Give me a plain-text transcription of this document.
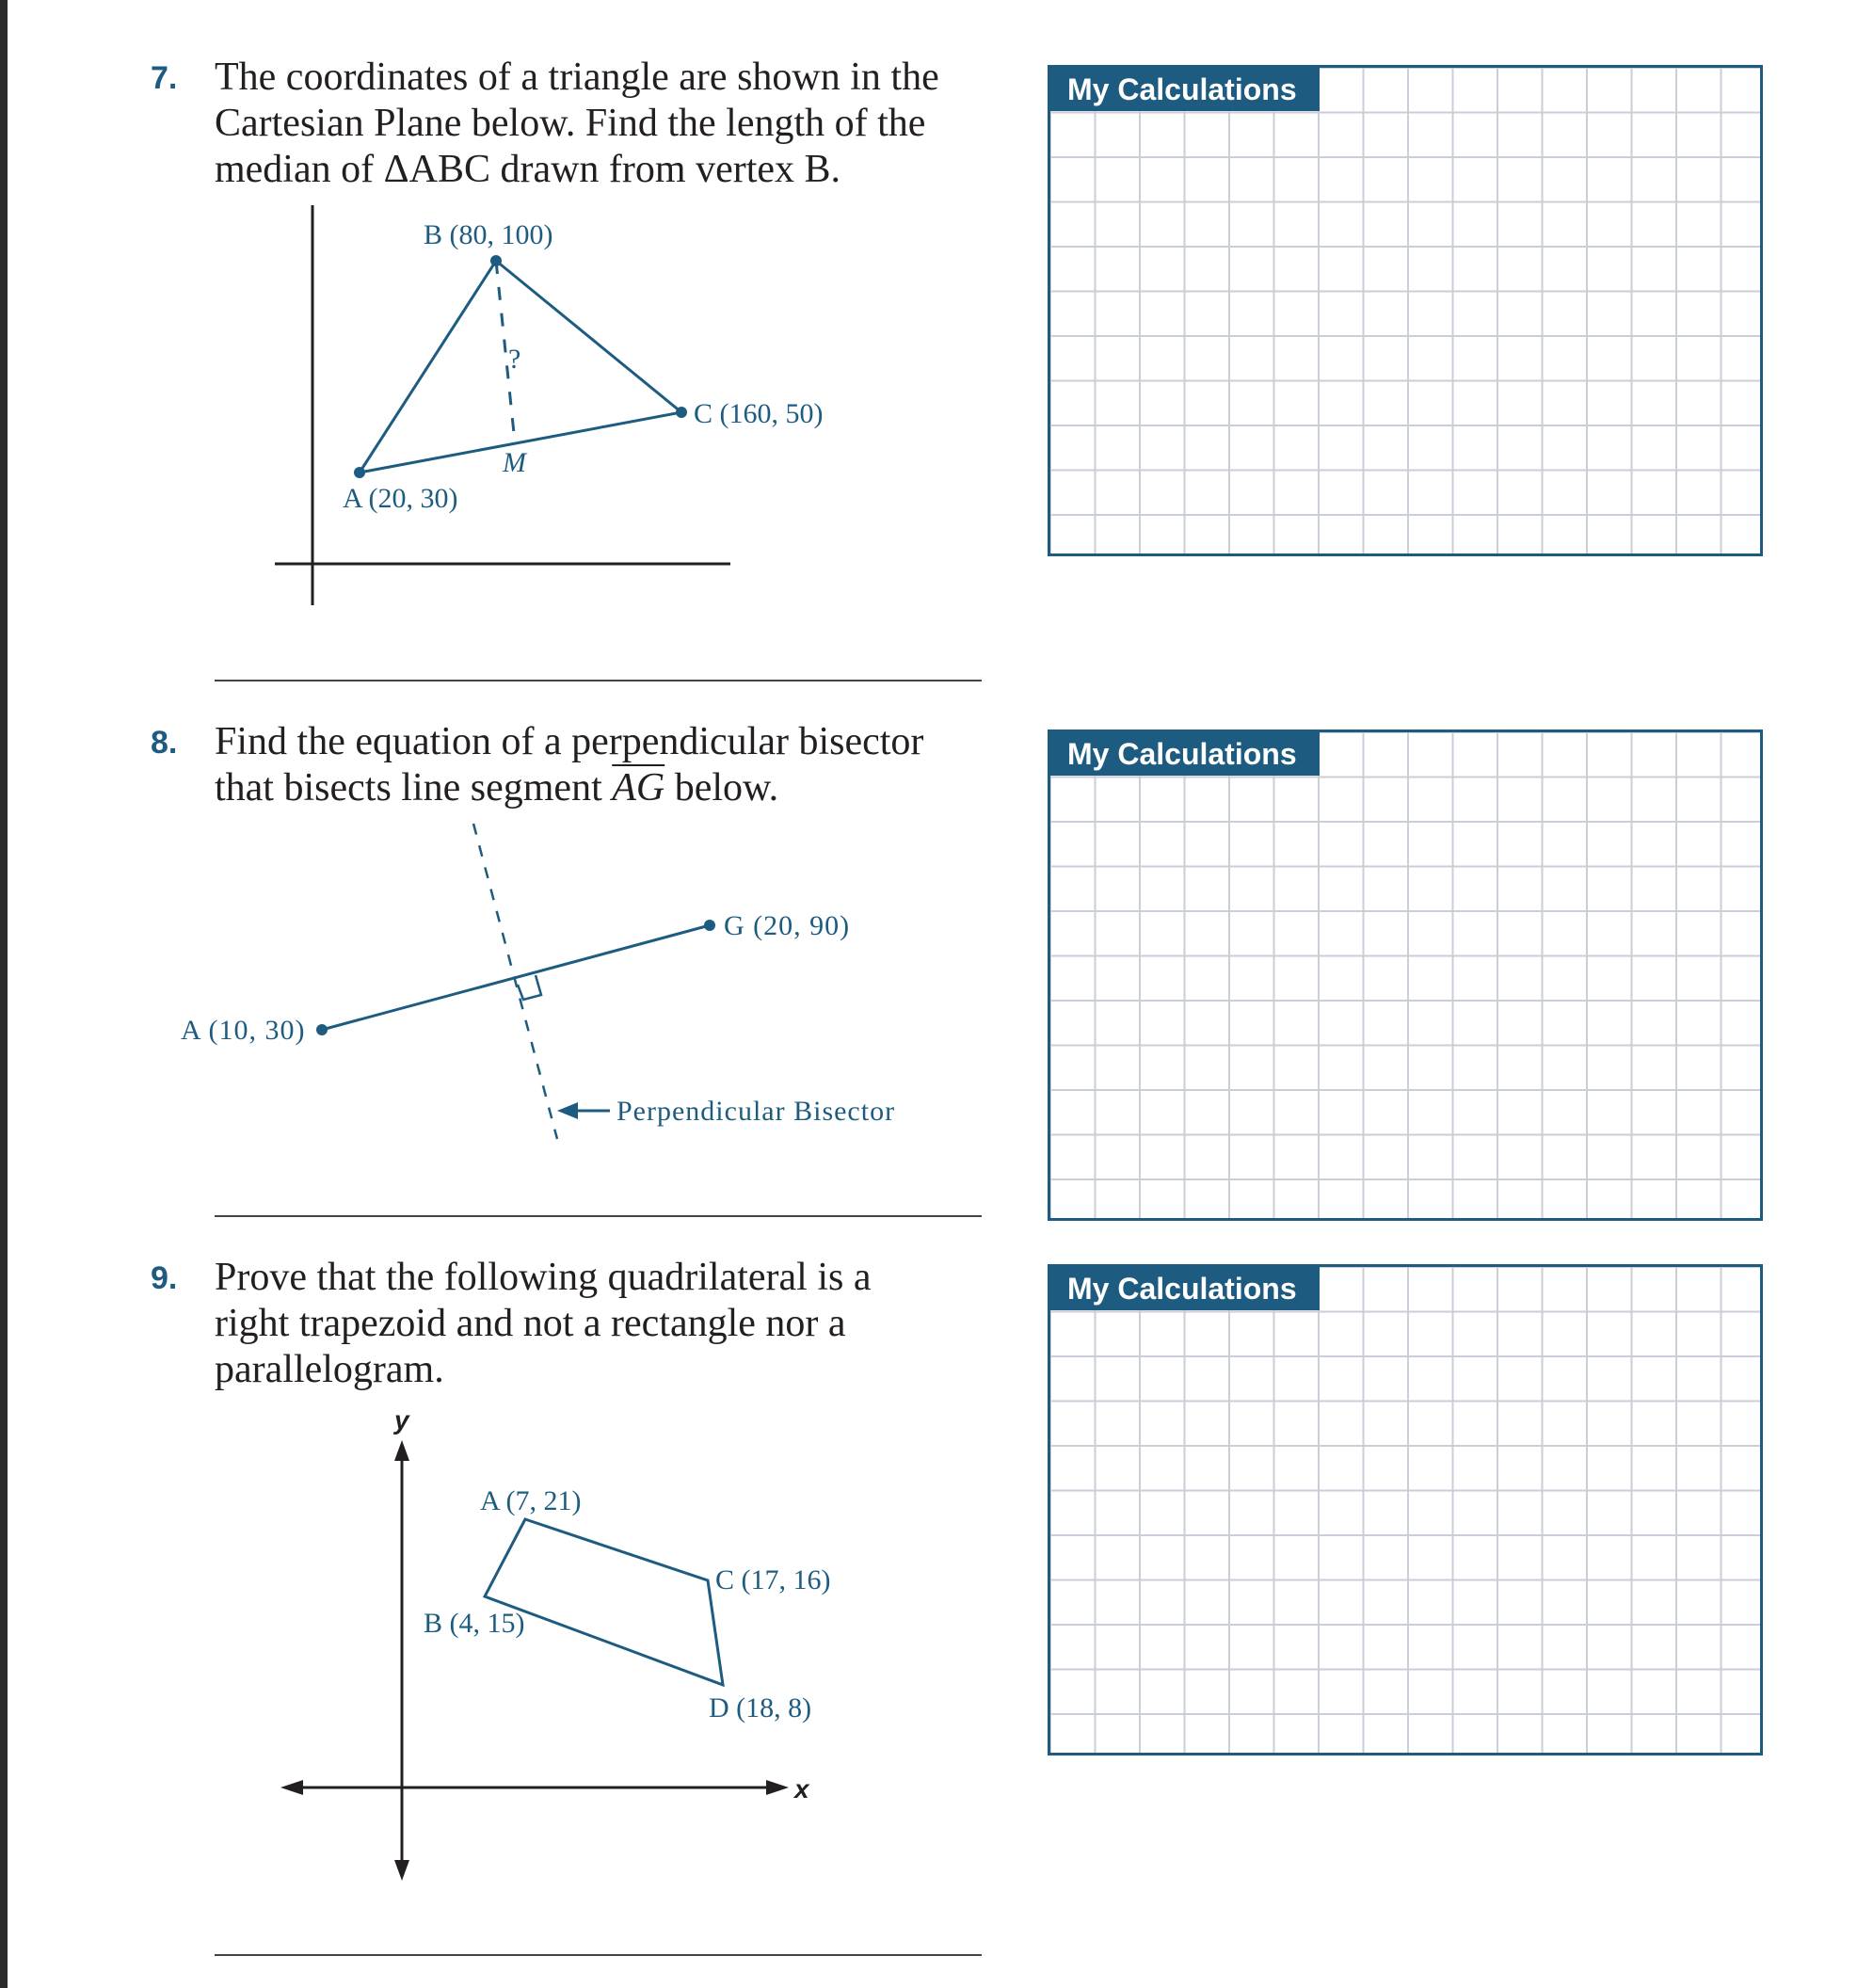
7. The coordinates of a triangle are shown in the
Cartesian Plane below. Find the length of the
median of ΔABC drawn from vertex B.
B (80, 100)
C (160, 50)
A (20, 30)
M
?
My Calculations
8. Find the equation of a perpendicular bisector
that bisects line segment $\overline{AG}$ below.
G (20, 90)
A (10, 30)
Perpendicular Bisector
My Calculations
9. Prove that the following quadrilateral is a
right trapezoid and not a rectangle nor a
parallelogram.
y
x
A (7, 21)
B (4, 15)
C (17, 16)
D (18, 8)
My Calculations
